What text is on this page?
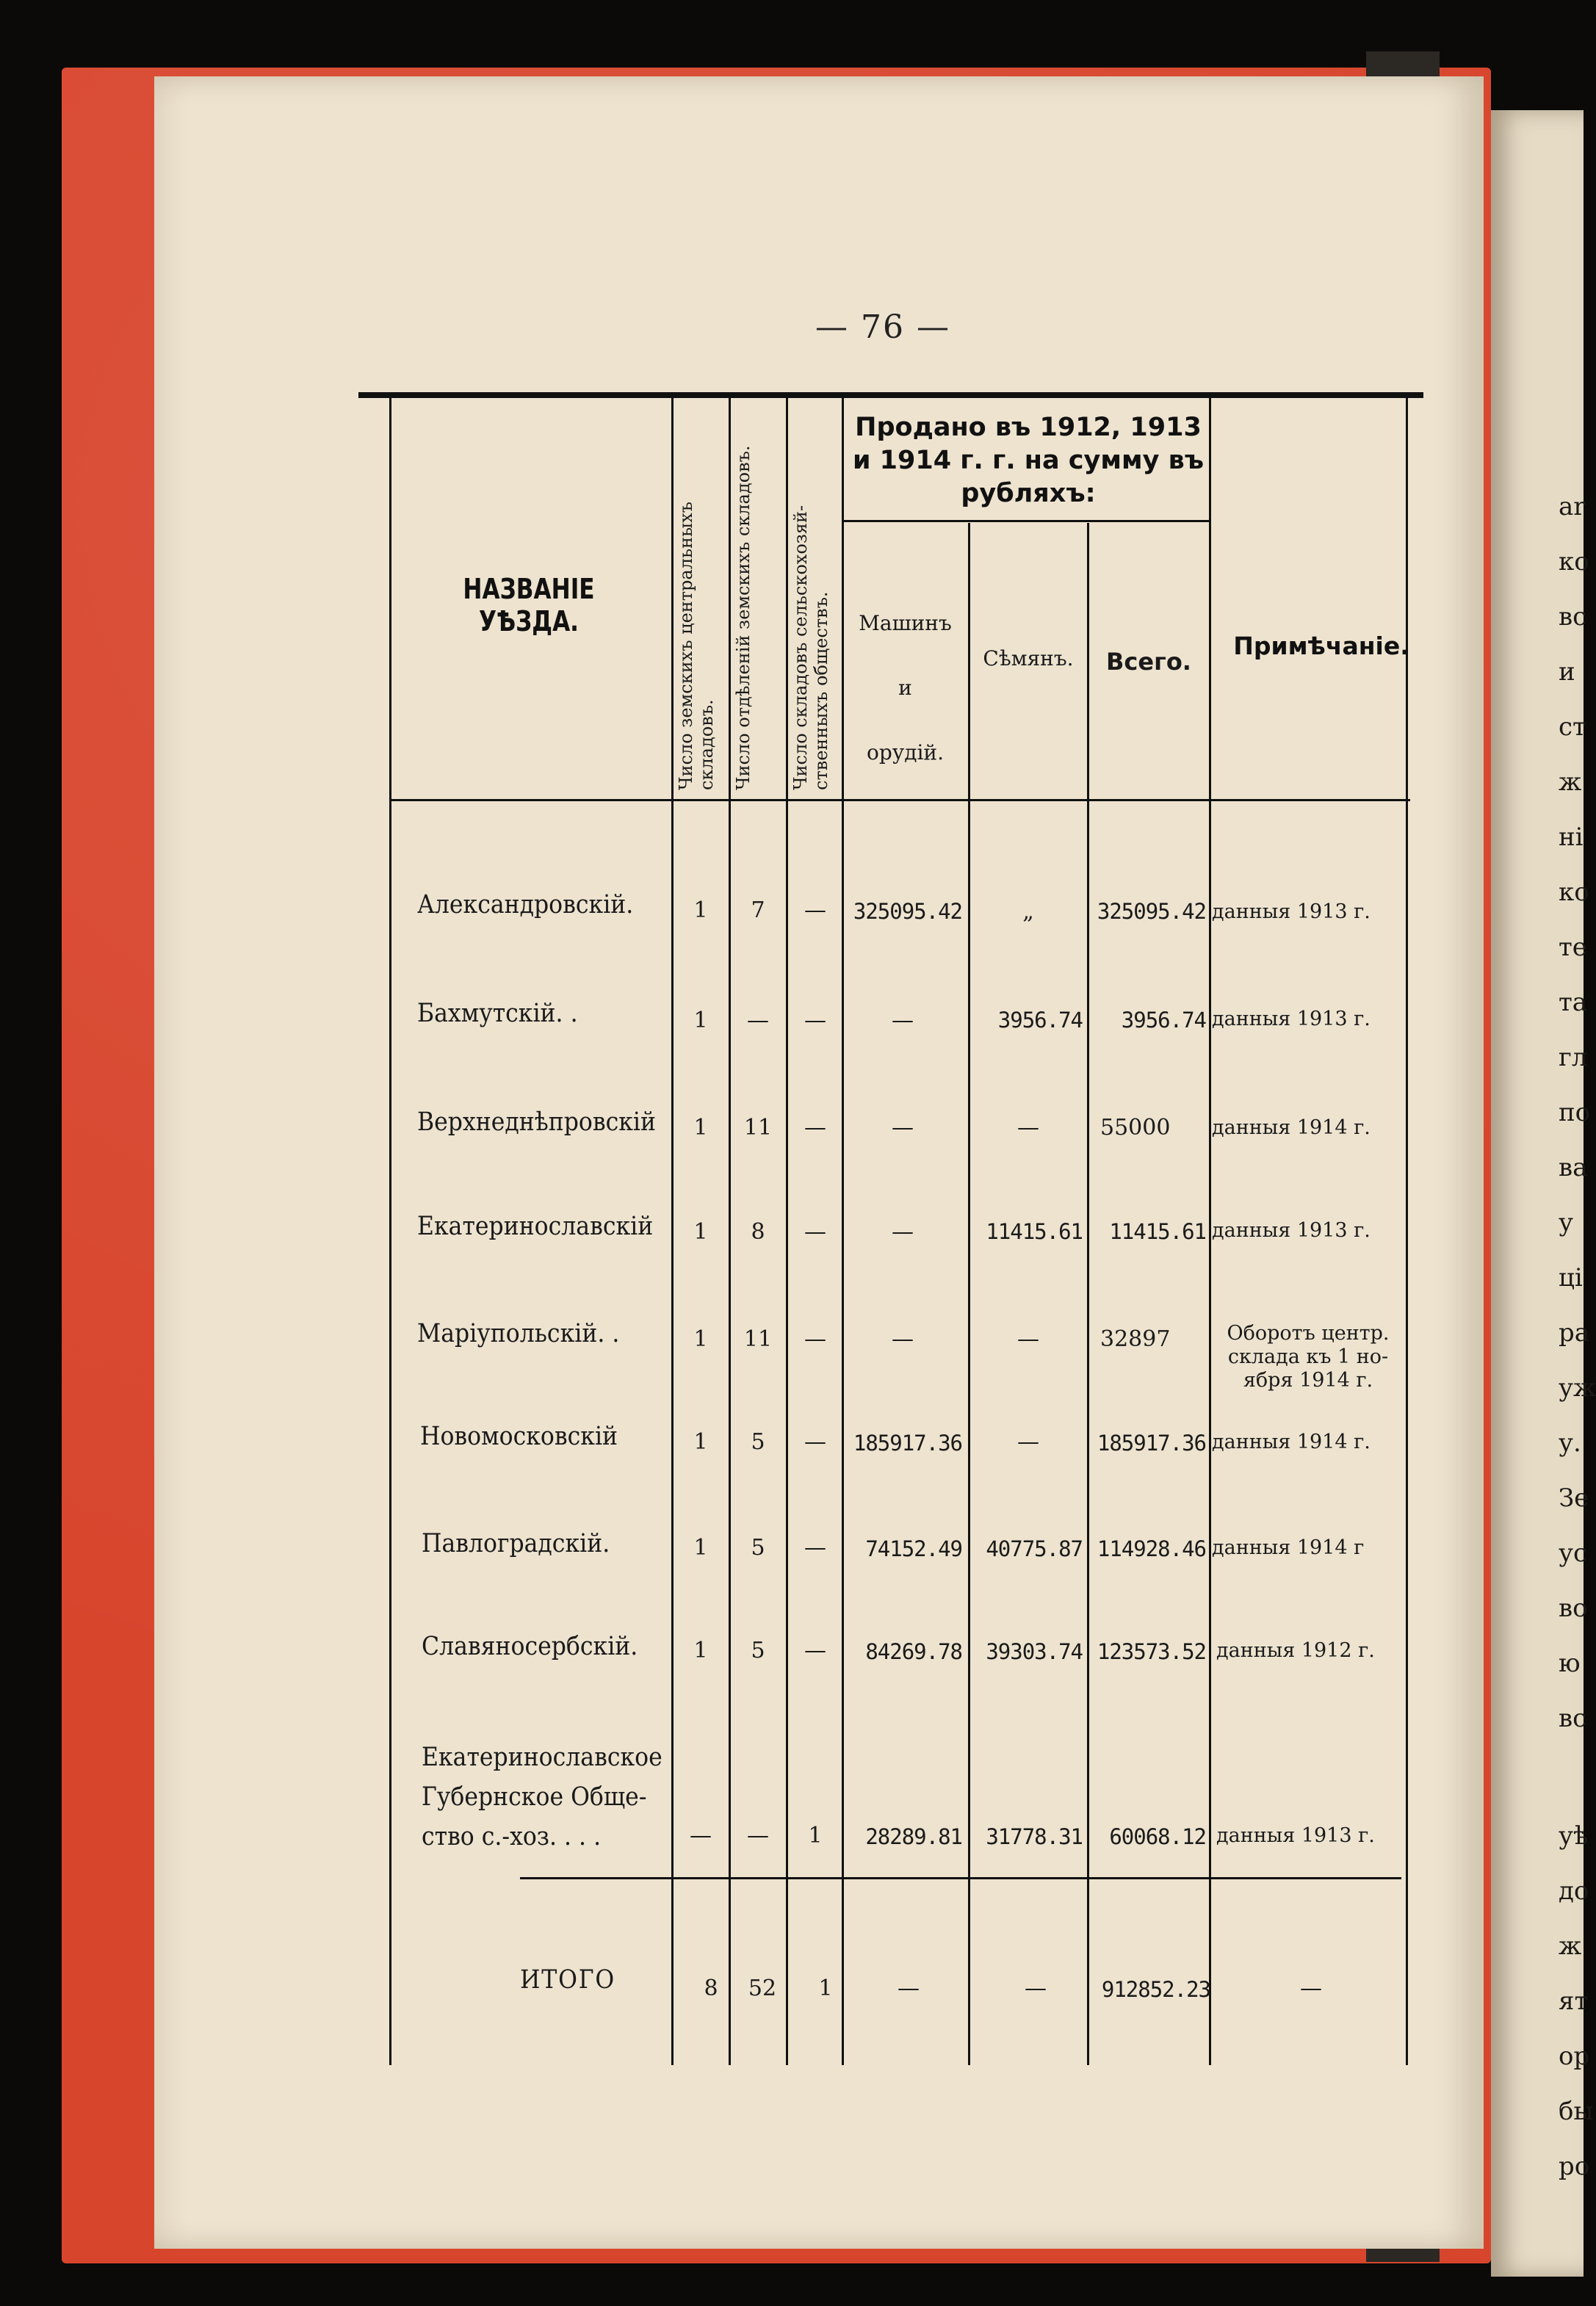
ar
ко
вс
и
ст
ж
ні
ко
те
та
гл
по
ва
у
ці
ра
уж
у.
Зе
ус
во
ю
вс
уѣ
до
ж
ят
ор
бы
ро
— 76 —
НАЗВАНIЕ УѢЗДА.	Число земскихъ центральныхъ складовъ. Число отдѣленій земскихъ складовъ.	Число складовъ сельскохозяй-ственныхъ обществъ.
Продано въ 1912, 1913 и 1914 г. г. на сумму въ рубляхъ:
Машинъ
и
орудій.
Сѣмянъ.	Всего.
Примѣчаніе.
Александровскій.	1	7	—	325095.42	„	325095.42 данныя 1913 г.
Бахмутскій. .	1	—	—	—	3956.74	3956.74 данныя 1913 г.
Верхнеднѣпровскій	1	11	—	—	—	55000	данныя 1914 г.
Екатеринославскій	1	8	—	—	11415.61	11415.61 данныя 1913 г.
Маріупольскій. .	1	11	—	—	—	32897	Оборотъ центр. склада къ 1 но- ября 1914 г.
Новомосковскій	1	5	—	185917.36	—	185917.36 данныя 1914 г.
Павлоградскій.	1	5	—	74152.49	40775.87 114928.46 данныя 1914 г
Славяносербскій.	1	5	—	84269.78	39303.74 123573.52 данныя 1912 г.
Екатеринославское Губернское Обще- ство с.-хоз. . . .	—	—	1	28289.81	31778.31	60068.12 данныя 1913 г.
ИТОГО	8	52	1	—	—	912852.23	—
